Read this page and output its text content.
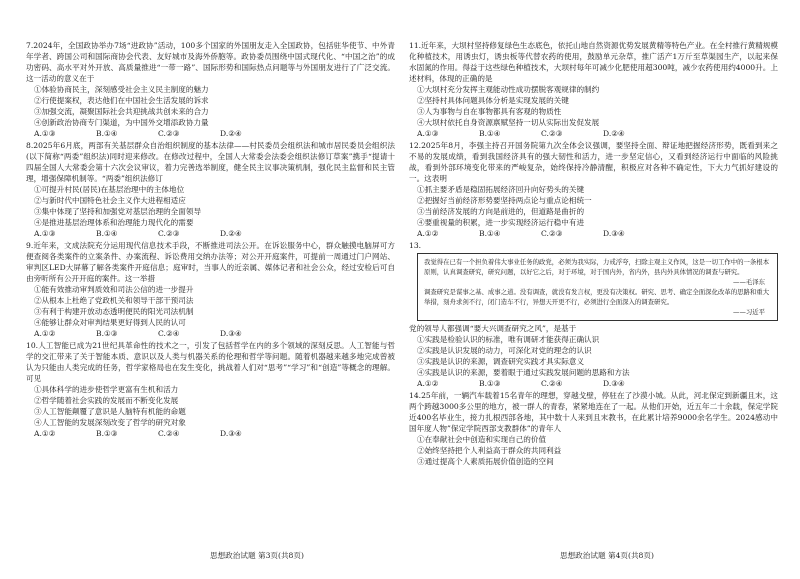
7.2024年，全国政协举办7场“进政协”活动，100多个国家的外国朋友走入全国政协，包括驻华使节、中外青年学者、跨国公司和国际商协会代表、友好城市及海外侨胞等。政协委员围绕中国式现代化、“中国之治”的成功密码、高水平对外开放、高质量推进“一带一路”、国际形势和国际热点问题等与外国朋友进行了广泛交流。这一活动的意义在于
①体验协商民主，深刻感受社会主义民主制度的魅力
②行使提案权，表达他们在中国社会生活发展的诉求
③加强交流，凝聚国际社会共迎挑战共创未来的合力
④创新政治协商专门渠道，为中国外交增添政协力量
A.①③	B.①④	C.②③	D.②④
8.2025年6月底，两部有关基层群众自治组织制度的基本法律——村民委员会组织法和城市居民委员会组织法(以下简称“两委”组织法)同时迎来修改。在修改过程中，全国人大常委会法委会组织法修订草案”携手“提请十四届全国人大常委会第十六次会议审议，着力完善选举制度，健全民主议事决策机制，强化民主监督和民主管理，增强保障机制等。“两委”组织法修订
①可提升村民(居民)在基层治理中的主体地位
②与新时代中国特色社会主义作大进程相适应
③集中体现了坚持和加强党对基层治理的全面领导
④是推进基层治理体系和治理能力现代化的需要
A.①③	B.①④	C.②③	D.②④
9.近年来，文成法院充分运用现代信息技术手段，不断推进司法公开。在诉讼服务中心，群众触摸电脑屏可方便查阅各类案件的立案条件、办案流程、诉讼费用交纳办法等；对公开开庭案件，可提前一周通过门户网站、审判区LED大屏幕了解各类案件开庭信息；庭审时，当事人的近亲属、媒体记者和社会公众，经过安检后可自由旁听所有公开开庭的案件。这一举措
①能有效推动审判质效和司法公信的进一步提升
②从根本上杜绝了党政机关和领导干部干预司法
③有利于构建开放动态透明便民的阳光司法机制
④能够让群众对审判结果更好得到人民的认可
A.①②	B.①③	C.②④	D.③④
10.人工智能已成为21世纪具革命性的技术之一，引发了包括哲学在内的多个领域的深刻反思。人工智能与哲学的交汇带来了关于智能本质、意识以及人类与机器关系的伦理和哲学等问题。随着机器越来越多地完成曾被认为只能由人类完成的任务，哲学家格局也在发生变化，挑战着人们对“思考”“学习”和“创造”等概念的理解。可见
①具体科学的进步使哲学更富有生机和活力
②哲学随着社会实践的发展而不断变化发展
③人工智能颠覆了意识是人脑特有机能的命题
④人工智能的发展深刻改变了哲学的研究对象
A.①②	B.①③	C.②④	D.③④
11.近年来，大坝村坚持修复绿色生态底色，依托山地自然资源优势发展黄精等特色产业。在全村推行黄精规模化种植技术，用诱虫灯，诱虫板等代替农药的使用，鼓励单元杂草，推广活产1万斤至草渠园生产，以起来保水固氮的作用。得益于这些绿色种植技术，大坝村每年可减少化肥使用超300吨，减少农药使用约4000升。上述材料，体现的正确的是
①大坝村充分发挥主观能动性成功摆脱客观规律的制约
②坚持村具体问题具体分析是实现发展的关键
③人为事物与自在事物都具有客观的物质性
④大坝村依托自身资源禀赋坚持一切从实际出发促发展
A.①③	B.①④	C.②③	D.②④
12.2025年8月，李强主持召开国务院第九次全体会议强调，要坚持全面、辩证地把握经济形势，既看到来之不易的发展成绩，看到我国经济具有的强大韧性和活力，进一步坚定信心，又看到经济运行中面临的风险挑战，看到外部环境变化带来的严峻复杂，始终保持冷静清醒，积极应对各种不确定性，下大力气抓好建设的一。这表明
①抓主要矛盾是稳固拓展经济回升向好势头的关键
②把握好当前经济形势要坚持两点论与重点论相统一
③当前经济发展的方向是前进的，但道路是曲折的
④要重视量的积累，进一步实现经济运行稳中有进
A.①②	B.①④	C.②③	D.③④
13.
我觉得在已有一个担负着伟大事业任务的政党，必须为我实际，力戒浮夸，扫除主观主义作风，这是一切工作中的一条根本原则，认真调查研究，研究问题，以好它之后，对于环境，对于国内外，省内外，县内外具体情况的调查与研究。
——毛泽东
调查研究是谋事之基、成事之道。没有调查，就没有发言权，更没有决策权。研究、思考、确定全面深化改革的思路和重大举措，刻舟求剑不行，闭门造车不行，异想天开更不行，必须进行全面深入的调查研究。
——习近平
党的领导人都强调“要大兴调查研究之风”，是基于
①实践是检验认识的标准，唯有调研才能获得正确认识
②实践是认识发展的动力，可深化对党的理念的认识
③实践是认识的来源，调查研究实践才具实际意义
④实践是认识的来源，要着眼于通过实践发展问题的思路和方法
A.①②	B.①③	C.②④	D.③④
14.25年前，一辆汽车载着15名青年的理想，穿越戈壁，停驻在了沙漠小城。从此，河北保定到新疆且末，这两个跨越3000多公里的地方，被一群人的青春，紧紧地连在了一起。从他们开始，近五年二十余载，保定学院近400名毕业生，接力扎根西部各地，其中数十人来到且末教书，在此累计培养9000余名学生。2024感动中国年度人物”保定学院西部支教群体”的青年人
①在奉献社会中创造和实现自己的价值
②始终坚持把个人利益高于群众的共同利益
③通过提高个人素质拓展价值创造的空间
思想政治试题 第3页(共8页)	思想政治试题 第4页(共8页)
